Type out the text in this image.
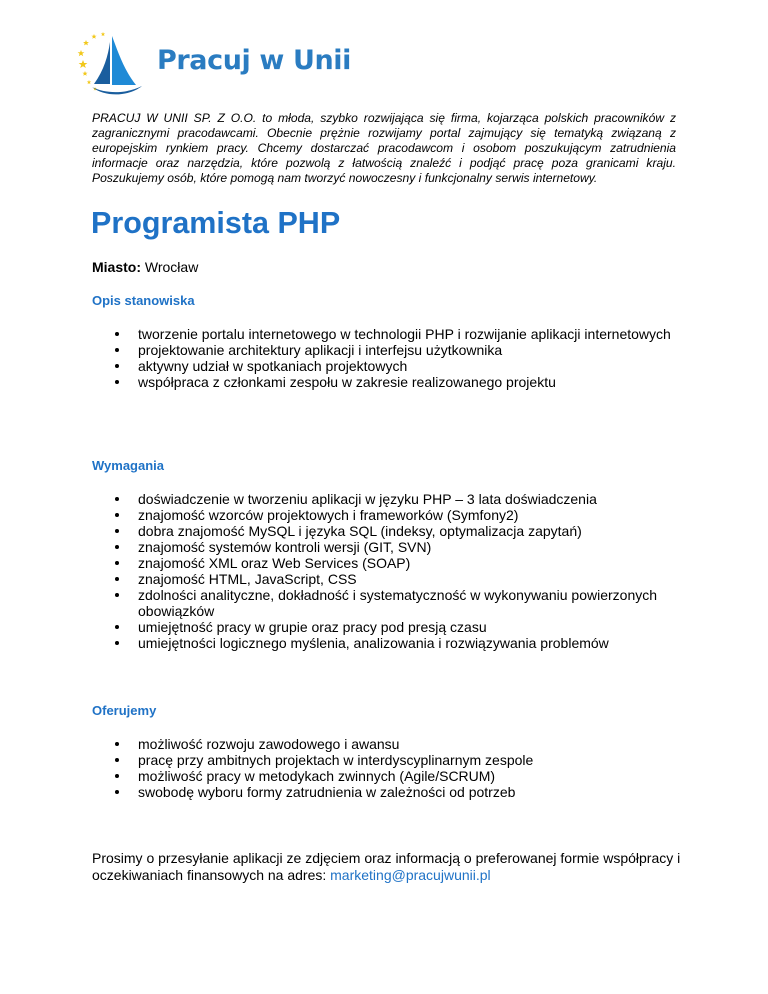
Pracuj w Unii
PRACUJ W UNII SP. Z O.O. to młoda, szybko rozwijająca się firma, kojarząca polskich pracowników z zagranicznymi pracodawcami. Obecnie prężnie rozwijamy portal zajmujący się tematyką związaną z europejskim rynkiem pracy. Chcemy dostarczać pracodawcom i osobom poszukującym zatrudnienia informacje oraz narzędzia, które pozwolą z łatwością znaleźć i podjąć pracę poza granicami kraju. Poszukujemy osób, które pomogą nam tworzyć nowoczesny i funkcjonalny serwis internetowy.
Programista PHP
Miasto: Wrocław
Opis stanowiska
tworzenie portalu internetowego w technologii PHP i rozwijanie aplikacji internetowych
projektowanie architektury aplikacji i interfejsu użytkownika
aktywny udział w spotkaniach projektowych
współpraca z członkami zespołu w zakresie realizowanego projektu
Wymagania
doświadczenie w tworzeniu aplikacji w języku PHP – 3 lata doświadczenia
znajomość wzorców projektowych i frameworków (Symfony2)
dobra znajomość MySQL i języka SQL (indeksy, optymalizacja zapytań)
znajomość systemów kontroli wersji (GIT, SVN)
znajomość XML oraz Web Services (SOAP)
znajomość HTML, JavaScript, CSS
zdolności analityczne, dokładność i systematyczność w wykonywaniu powierzonych obowiązków
umiejętność pracy w grupie oraz pracy pod presją czasu
umiejętności logicznego myślenia, analizowania i rozwiązywania problemów
Oferujemy
możliwość rozwoju zawodowego i awansu
pracę przy ambitnych projektach w interdyscyplinarnym zespole
możliwość pracy w metodykach zwinnych (Agile/SCRUM)
swobodę wyboru formy zatrudnienia w zależności od potrzeb
Prosimy o przesyłanie aplikacji ze zdjęciem oraz informacją o preferowanej formie współpracy i oczekiwaniach finansowych na adres: marketing@pracujwunii.pl
